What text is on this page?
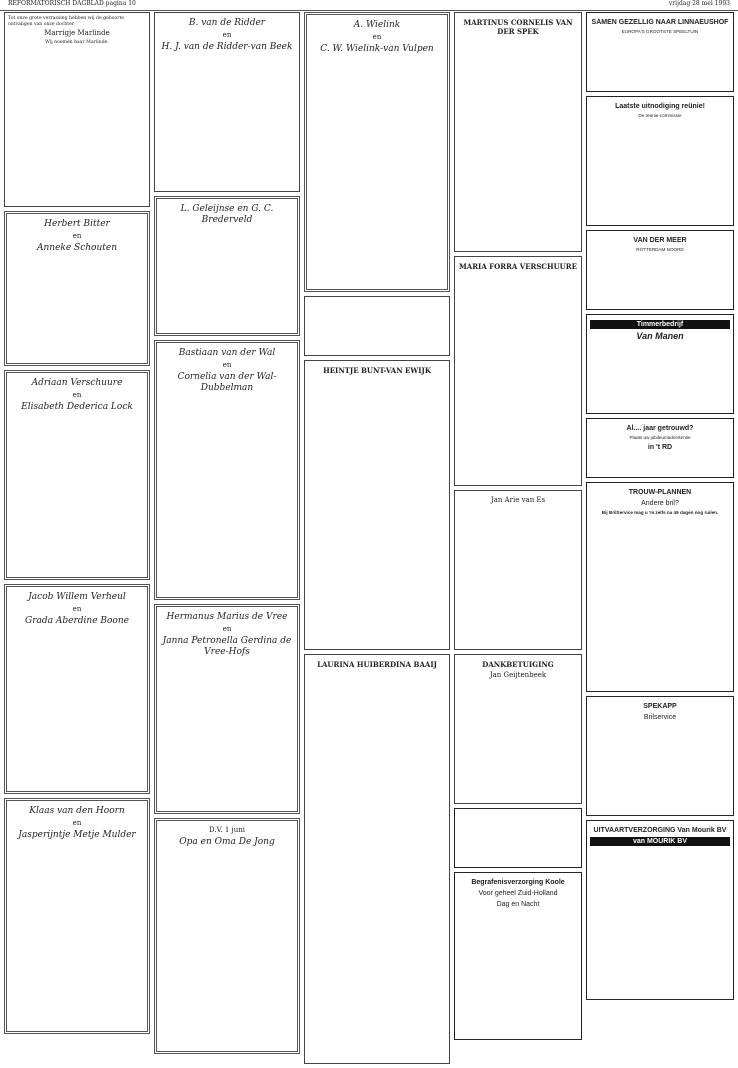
REFORMATORISCH DAGBLAD pagina 10	vrijdag 28 mei 1993
Tot onze grote verrassing hebben wij de geboorte ontvangen van onze dochter
Marrigje Marlinde
Wij noemen haar Marlinde.
Herbert Bitter
en
Anneke Schouten
Adriaan Verschuure
en
Elisabeth Dederica Lock
Jacob Willem Verheul
en
Grada Aberdine Boone
Klaas van den Hoorn
en
Jasperijntje Metje Mulder
B. van de Ridder
en
H. J. van de Ridder-van Beek
L. Geleijnse en G. C. Brederveld
Bastiaan van der Wal
en
Cornelia van der Wal-Dubbelman
Hermanus Marius de Vree
en
Janna Petronella Gerdina de Vree-Hofs
D.V. 1 juni
Opa en Oma De Jong
A. Wielink
en
C. W. Wielink-van Vulpen
HEINTJE BUNT-VAN EWIJK
LAURINA HUIBERDINA BAAIJ
MARTINUS CORNELIS VAN DER SPEK
MARIA FORRA VERSCHUURE
Jan Arie van Es
DANKBETUIGING
Jan Geijtenbeek
Begrafenisverzorging Koole
Voor geheel Zuid-Holland
Dag en Nacht
SAMEN GEZELLIG NAAR LINNAEUSHOF
EUROPA'S GROOTSTE SPEELTUIN
Laatste uitnodiging reünie!
De reünie-commissie
VAN DER MEER
ROTTERDAM NOORD
Timmerbedrijf
Van Manen
Al.... jaar getrouwd?
Plaats uw jubileumadvertentie
in 't RD
TROUW-PLANNEN
Andere bril?
Bij BrilService mag u 'm zelfs na 49 dagen nog ruilen.
SPEKAPP
Brilservice
UITVAARTVERZORGING Van Mourik BV
van MOURIK BV
